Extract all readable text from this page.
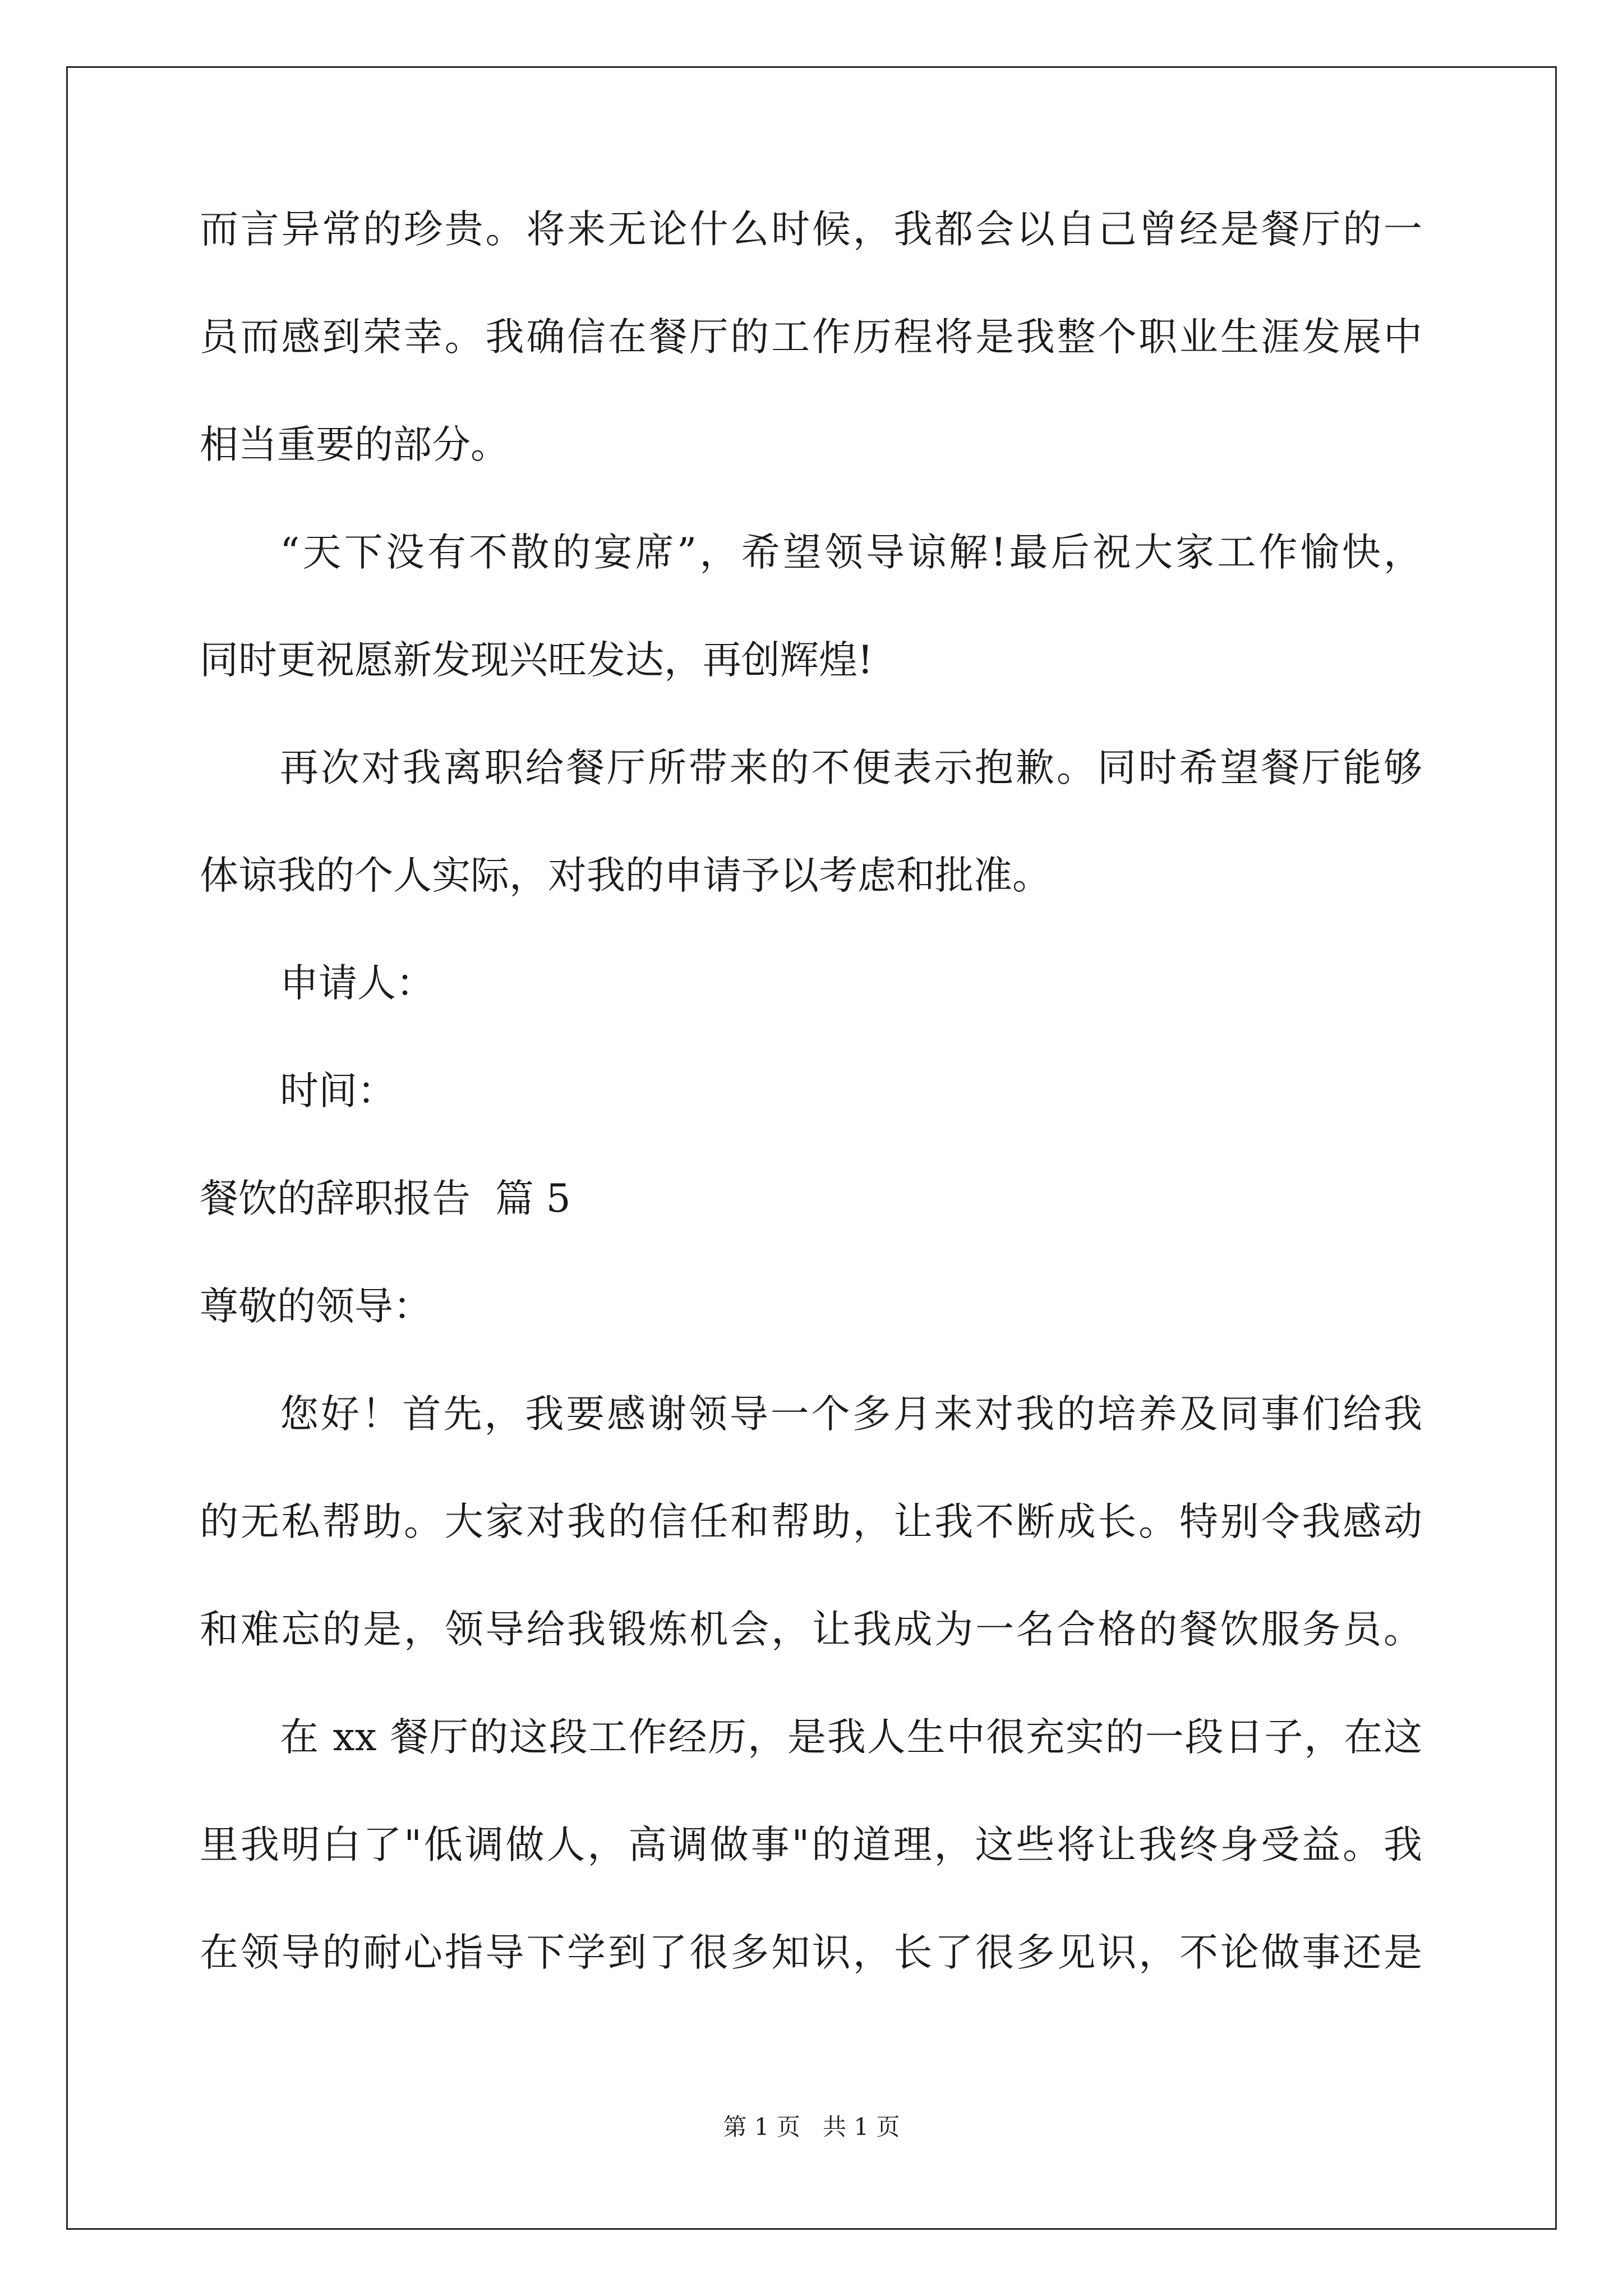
而言异常的珍贵。将来无论什么时候，我都会以自己曾经是餐厅的一
员而感到荣幸。我确信在餐厅的工作历程将是我整个职业生涯发展中
相当重要的部分。
“天下没有不散的宴席”，希望领导谅解!最后祝大家工作愉快，
同时更祝愿新发现兴旺发达，再创辉煌!
再次对我离职给餐厅所带来的不便表示抱歉。同时希望餐厅能够
体谅我的个人实际，对我的申请予以考虑和批准。
申请人：
时间：
餐饮的辞职报告  篇 5
尊敬的领导：
您好！首先，我要感谢领导一个多月来对我的培养及同事们给我
的无私帮助。大家对我的信任和帮助，让我不断成长。特别令我感动
和难忘的是，领导给我锻炼机会，让我成为一名合格的餐饮服务员。
在 xx 餐厅的这段工作经历，是我人生中很充实的一段日子，在这
里我明白了"低调做人，高调做事"的道理，这些将让我终身受益。我
在领导的耐心指导下学到了很多知识，长了很多见识，不论做事还是
第 1 页   共 1 页
